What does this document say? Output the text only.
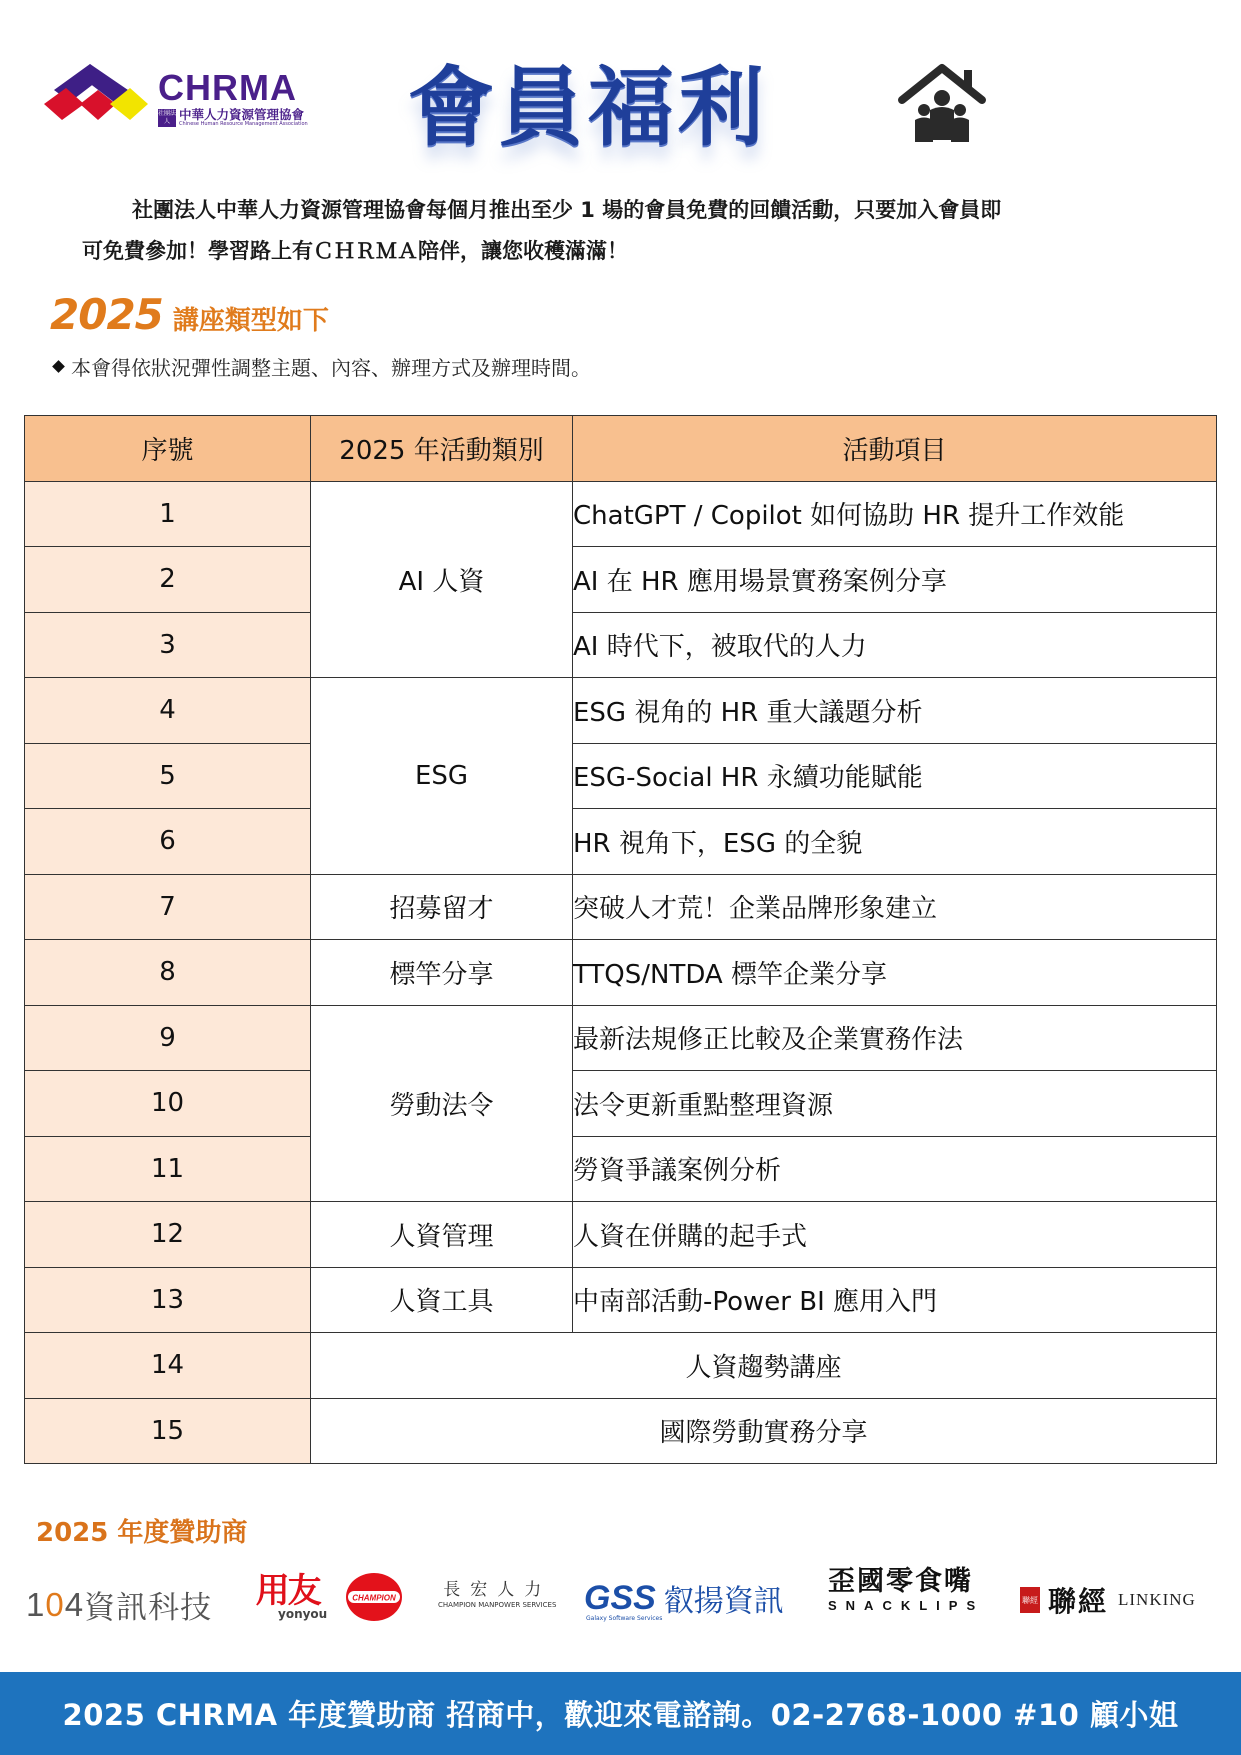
CHRMA
社團法人 中華人力資源管理協會
Chinese Human Resource Management Association 會員福利

社團法人中華人力資源管理協會每個月推出至少 1 場的會員免費的回饋活動，只要加入會員即

可免費參加！學習路上有ＣＨＲＭＡ陪伴，讓您收穫滿滿！

2025 講座類型如下
本會得依狀況彈性調整主題、內容、辦理方式及辦理時間。
序號	2025 年活動類別	活動項目
1	AI 人資	ChatGPT / Copilot 如何協助 HR 提升工作效能
2		AI 在 HR 應用場景實務案例分享
3		AI 時代下，被取代的人力
4	ESG	ESG 視角的 HR 重大議題分析
5		ESG-Social HR 永續功能賦能
6		HR 視角下，ESG 的全貌
7	招募留才	突破人才荒！企業品牌形象建立
8	標竿分享	TTQS/NTDA 標竿企業分享
9	勞動法令	最新法規修正比較及企業實務作法
10		法令更新重點整理資源
11		勞資爭議案例分析
12	人資管理	人資在併購的起手式
13	人資工具	中南部活動-Power BI 應用入門
14	人資趨勢講座	
15	國際勞動實務分享	
2025 年度贊助商
1 0 4 資訊科技 用友
yonyou
CHAMPION	長宏人力
CHAMPION MANPOWER SERVICES GSS
Galaxy Software Services 叡揚資訊
歪國零食嘴
SNACKLIPS	聯經 聯經 LINKING
2025 CHRMA 年度贊助商 招商中，歡迎來電諮詢。02-2768-1000 #10 顧小姐
